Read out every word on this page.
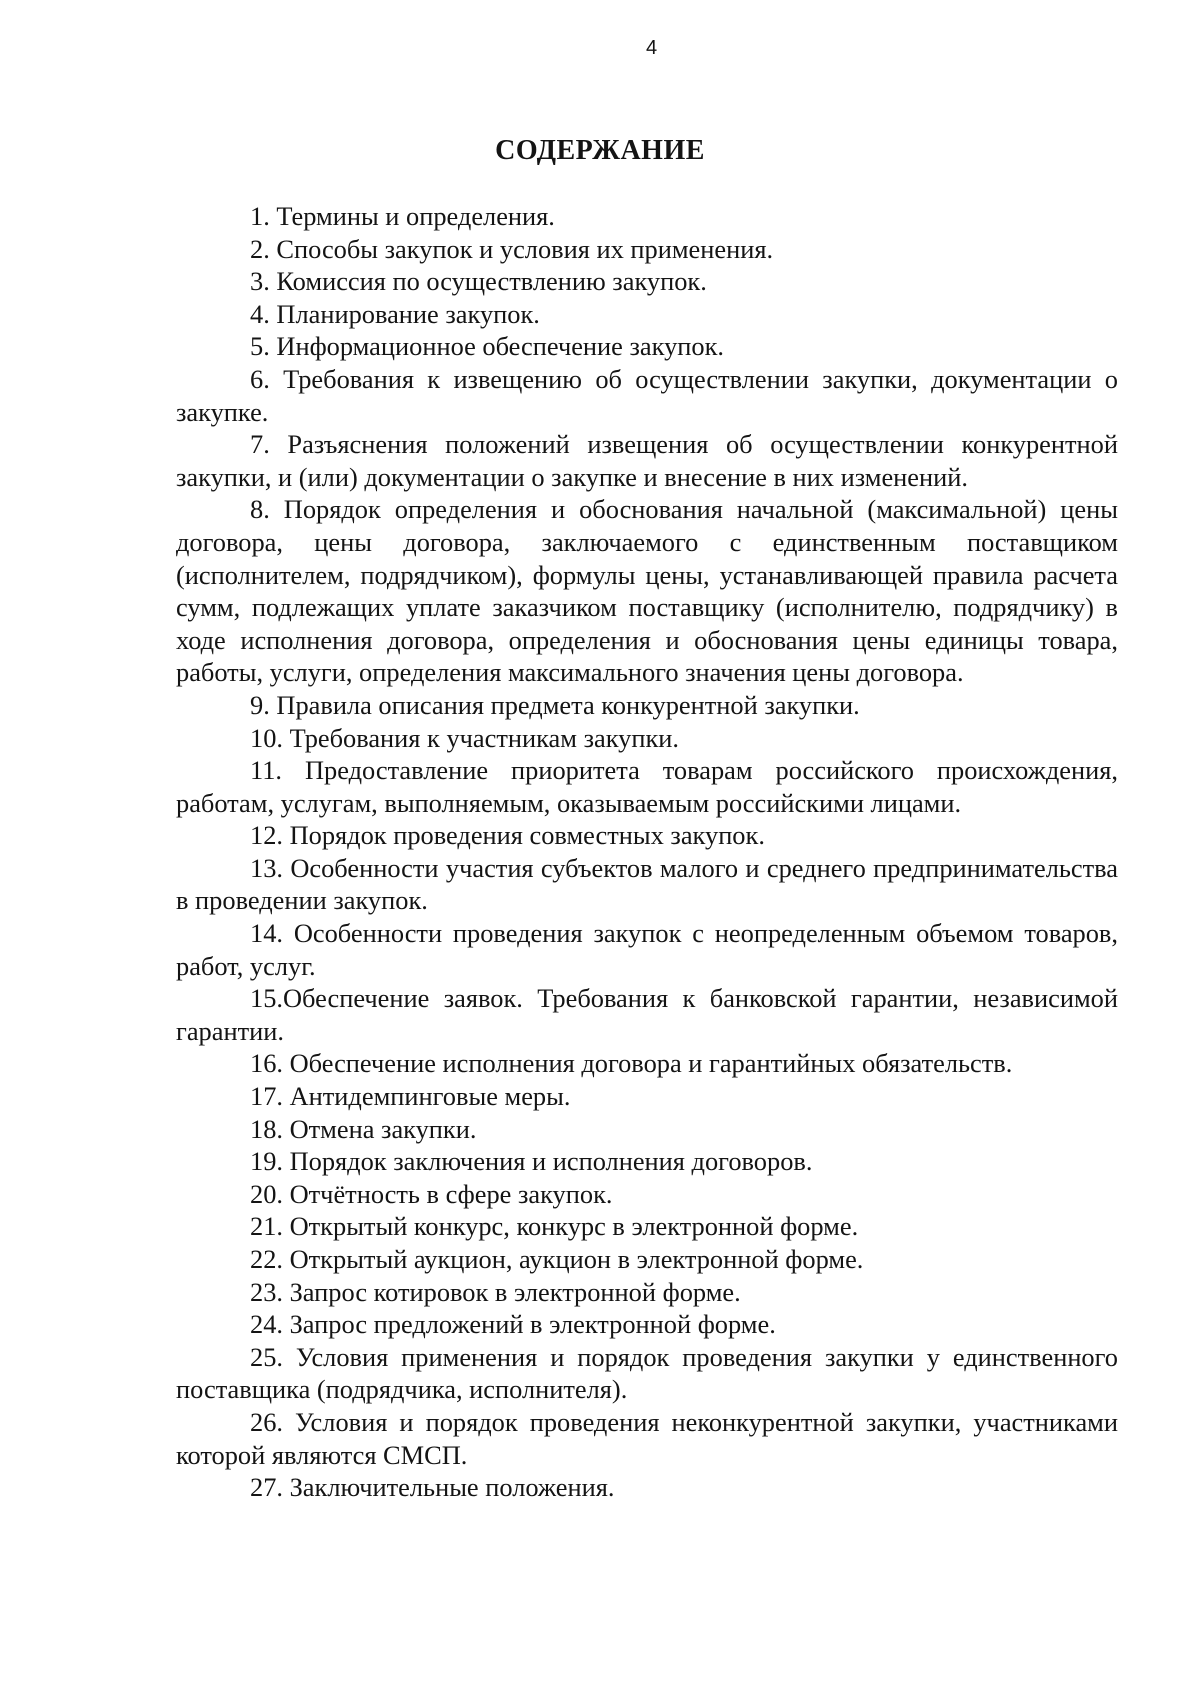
4
СОДЕРЖАНИЕ
1. Термины и определения.
2. Способы закупок и условия их применения.
3. Комиссия по осуществлению закупок.
4. Планирование закупок.
5. Информационное обеспечение закупок.
6. Требования к извещению об осуществлении закупки, документации о закупке.
7. Разъяснения положений извещения об осуществлении конкурентной закупки, и (или) документации о закупке и внесение в них изменений.
8. Порядок определения и обоснования начальной (максимальной) цены договора, цены договора, заключаемого с единственным поставщиком (исполнителем, подрядчиком), формулы цены, устанавливающей правила расчета сумм, подлежащих уплате заказчиком поставщику (исполнителю, подрядчику) в ходе исполнения договора, определения и обоснования цены единицы товара, работы, услуги, определения максимального значения цены договора.
9. Правила описания предмета конкурентной закупки.
10. Требования к участникам закупки.
11. Предоставление приоритета товарам российского происхождения, работам, услугам, выполняемым, оказываемым российскими лицами.
12. Порядок проведения совместных закупок.
13. Особенности участия субъектов малого и среднего предпринимательства в проведении закупок.
14. Особенности проведения закупок с неопределенным объемом товаров, работ, услуг.
15.Обеспечение заявок. Требования к банковской гарантии, независимой гарантии.
16. Обеспечение исполнения договора и гарантийных обязательств.
17. Антидемпинговые меры.
18. Отмена закупки.
19. Порядок заключения и исполнения договоров.
20. Отчётность в сфере закупок.
21. Открытый конкурс, конкурс в электронной форме.
22. Открытый аукцион, аукцион в электронной форме.
23. Запрос котировок в электронной форме.
24. Запрос предложений в электронной форме.
25. Условия применения и порядок проведения закупки у единственного поставщика (подрядчика, исполнителя).
26. Условия и порядок проведения неконкурентной закупки, участниками которой являются СМСП.
27. Заключительные положения.
